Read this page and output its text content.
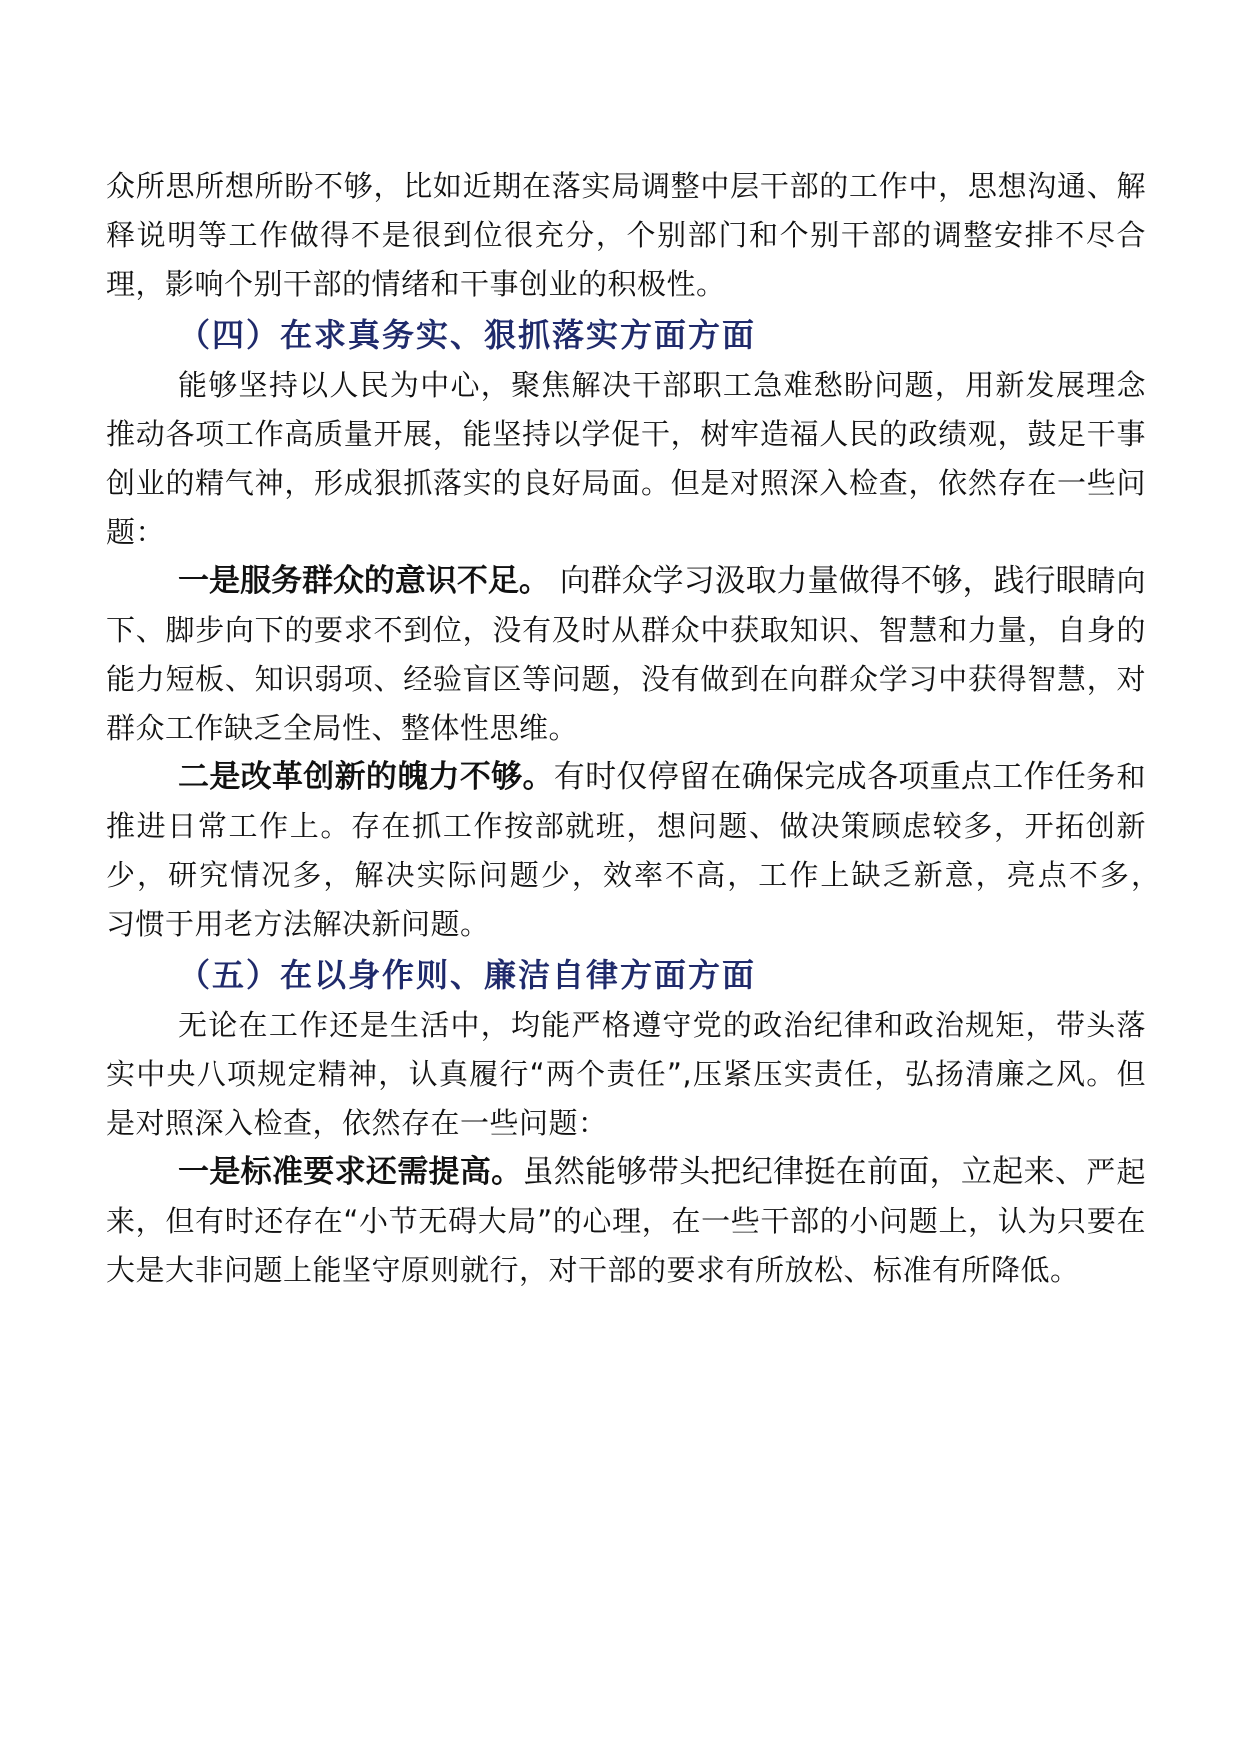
众所思所想所盼不够，比如近期在落实局调整中层干部的工作中，思想沟通、解释说明等工作做得不是很到位很充分，个别部门和个别干部的调整安排不尽合理，影响个别干部的情绪和干事创业的积极性。

（四）在求真务实、狠抓落实方面方面

能够坚持以人民为中心，聚焦解决干部职工急难愁盼问题，用新发展理念推动各项工作高质量开展，能坚持以学促干，树牢造福人民的政绩观，鼓足干事创业的精气神，形成狠抓落实的良好局面。但是对照深入检查，依然存在一些问题：

一是服务群众的意识不足。 向群众学习汲取力量做得不够，践行眼睛向下、脚步向下的要求不到位，没有及时从群众中获取知识、智慧和力量，自身的能力短板、知识弱项、经验盲区等问题，没有做到在向群众学习中获得智慧，对群众工作缺乏全局性、整体性思维。

二是改革创新的魄力不够。有时仅停留在确保完成各项重点工作任务和推进日常工作上。存在抓工作按部就班，想问题、做决策顾虑较多，开拓创新少，研究情况多，解决实际问题少，效率不高，工作上缺乏新意，亮点不多，　习惯于用老方法解决新问题。

（五）在以身作则、廉洁自律方面方面

无论在工作还是生活中，均能严格遵守党的政治纪律和政治规矩，带头落实中央八项规定精神，认真履行“两个责任”,压紧压实责任，弘扬清廉之风。但是对照深入检查，依然存在一些问题：

一是标准要求还需提高。虽然能够带头把纪律挺在前面，立起来、严起来，但有时还存在“小节无碍大局”的心理，在一些干部的小问题上，认为只要在大是大非问题上能坚守原则就行，对干部的要求有所放松、标准有所降低。
